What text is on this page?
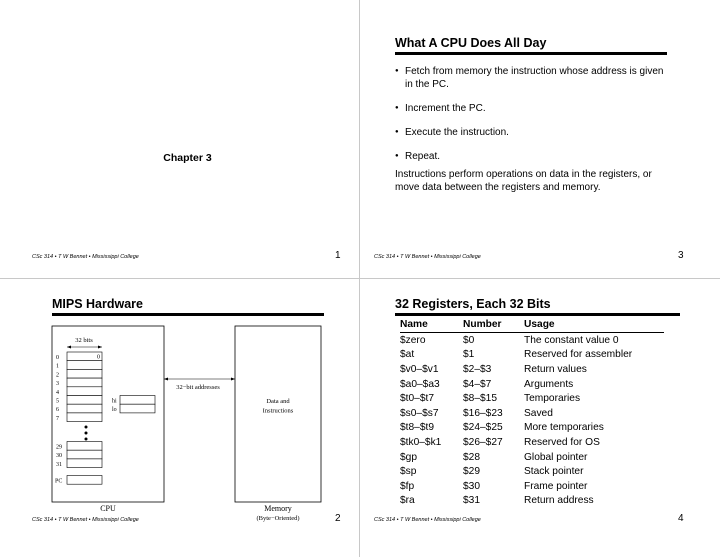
Chapter 3
CSc 314 • T W Bennet • Mississippi College	1
What A CPU Does All Day
● Fetch from memory the instruction whose address is given in the PC.
● Increment the PC.
● Execute the instruction.
● Repeat.
Instructions perform operations on data in the registers, or move data between the registers and memory.
CSc 314 • T W Bennet • Mississippi College	3
MIPS Hardware
32 bits
0
0
1
2
3
4
5
6
7
29
30
31
PC
hi
lo
32−bit addresses
Data and
Instructions
CPU	Memory
(Byte−Oriented)
CSc 314 • T W Bennet • Mississippi College	2
32 Registers, Each 32 Bits
Name	Number	Usage

$zero	$0	The constant value 0
$at	$1	Reserved for assembler
$v0–$v1	$2–$3	Return values
$a0–$a3	$4–$7	Arguments
$t0–$t7	$8–$15	Temporaries
$s0–$s7	$16–$23	Saved
$t8–$t9	$24–$25	More temporaries
$tk0–$k1	$26–$27	Reserved for OS
$gp	$28	Global pointer
$sp	$29	Stack pointer
$fp	$30	Frame pointer
$ra	$31	Return address
CSc 314 • T W Bennet • Mississippi College	4
